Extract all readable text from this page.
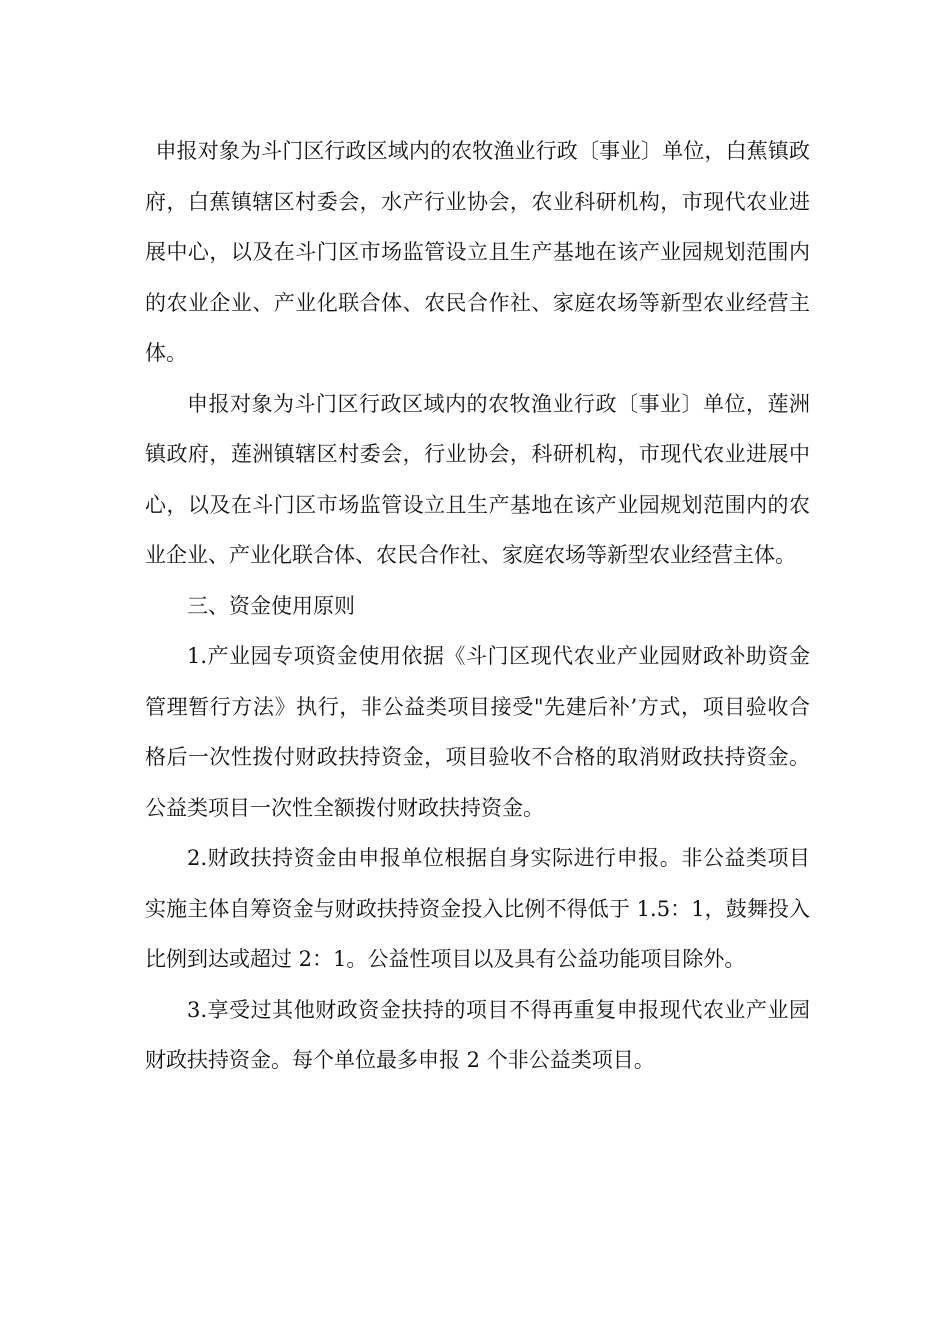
申报对象为斗门区行政区域内的农牧渔业行政〔事业〕单位，白蕉镇政府，白蕉镇辖区村委会，水产行业协会，农业科研机构，市现代农业进展中心，以及在斗门区市场监管设立且生产基地在该产业园规划范围内的农业企业、产业化联合体、农民合作社、家庭农场等新型农业经营主体。

申报对象为斗门区行政区域内的农牧渔业行政〔事业〕单位，莲洲镇政府，莲洲镇辖区村委会，行业协会，科研机构，市现代农业进展中心，以及在斗门区市场监管设立且生产基地在该产业园规划范围内的农业企业、产业化联合体、农民合作社、家庭农场等新型农业经营主体。

三、资金使用原则

1.产业园专项资金使用依据《斗门区现代农业产业园财政补助资金管理暂行方法》执行，非公益类项目接受"先建后补’方式，项目验收合格后一次性拨付财政扶持资金，项目验收不合格的取消财政扶持资金。公益类项目一次性全额拨付财政扶持资金。

2.财政扶持资金由申报单位根据自身实际进行申报。非公益类项目实施主体自筹资金与财政扶持资金投入比例不得低于 1.5：1，鼓舞投入比例到达或超过 2：1。公益性项目以及具有公益功能项目除外。

3.享受过其他财政资金扶持的项目不得再重复申报现代农业产业园财政扶持资金。每个单位最多申报 2 个非公益类项目。
